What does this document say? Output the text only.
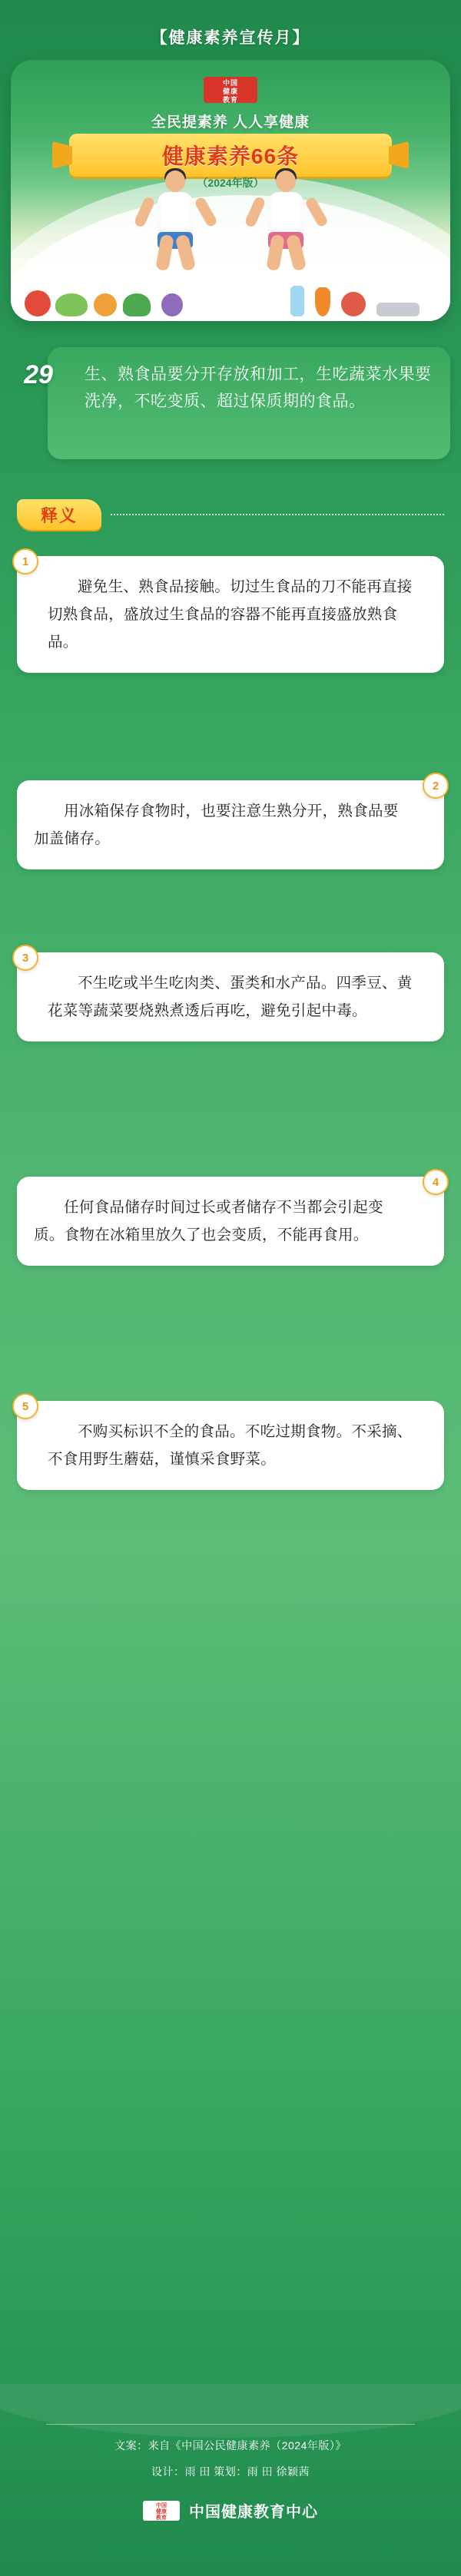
【健康素养宣传月】
中国
健康
教育
全民提素养 人人享健康
健康素养66条
（2024年版）
29	生、熟食品要分开存放和加工，生吃蔬菜水果要洗净，不吃变质、超过保质期的食品。
释义
1

避免生、熟食品接触。切过生食品的刀不能再直接切熟食品，盛放过生食品的容器不能再直接盛放熟食品。

2

用冰箱保存食物时，也要注意生熟分开，熟食品要加盖储存。

3

不生吃或半生吃肉类、蛋类和水产品。四季豆、黄花菜等蔬菜要烧熟煮透后再吃，避免引起中毒。

4

任何食品储存时间过长或者储存不当都会引起变质。食物在冰箱里放久了也会变质，不能再食用。

5

不购买标识不全的食品。不吃过期食物。不采摘、不食用野生蘑菇，谨慎采食野菜。

文案：来自《中国公民健康素养（2024年版）》
设计：雨 田 策划：雨 田 徐颖茜
中国
健康
教育	中国健康教育中心
